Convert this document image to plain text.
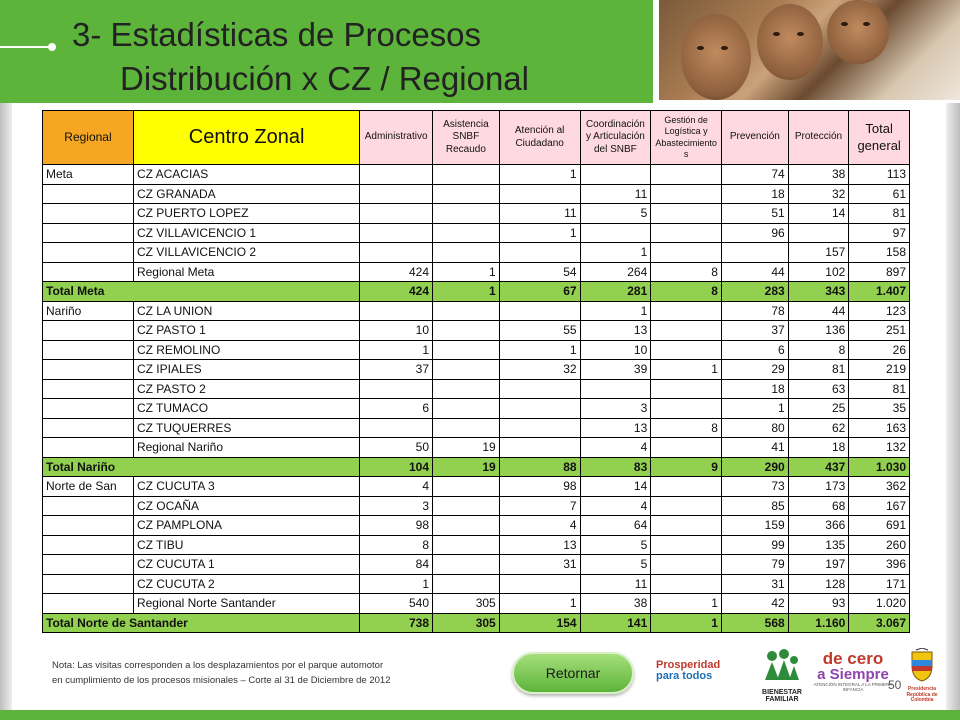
3- Estadísticas de Procesos
Distribución x CZ / Regional
Regional	Centro Zonal	Administrativo	Asistencia SNBF Recaudo	Atención al Ciudadano	Coordinación y Articulación del SNBF	Gestión de Logística y Abastecimiento s	Prevención	Protección	Total general
Meta	CZ ACACIAS			1			74	38	113
	CZ GRANADA				11		18	32	61
	CZ PUERTO LOPEZ			11	5		51	14	81
	CZ VILLAVICENCIO 1			1			96		97
	CZ VILLAVICENCIO 2				1			157	158
	Regional Meta	424	1	54	264	8	44	102	897
Total Meta		424	1	67	281	8	283	343	1.407
Nariño	CZ LA UNION				1		78	44	123
	CZ PASTO 1	10		55	13		37	136	251
	CZ REMOLINO	1		1	10		6	8	26
	CZ IPIALES	37		32	39	1	29	81	219
	CZ PASTO 2						18	63	81
	CZ TUMACO	6			3		1	25	35
	CZ TUQUERRES				13	8	80	62	163
	Regional Nariño	50	19		4		41	18	132
Total Nariño		104	19	88	83	9	290	437	1.030
Norte de San	CZ CUCUTA 3	4		98	14		73	173	362
	CZ OCAÑA	3		7	4		85	68	167
	CZ PAMPLONA	98		4	64		159	366	691
	CZ TIBU	8		13	5		99	135	260
	CZ CUCUTA 1	84		31	5		79	197	396
	CZ CUCUTA 2	1			11		31	128	171
	Regional Norte Santander	540	305	1	38	1	42	93	1.020
Total Norte de Santander		738	305	154	141	1	568	1.160	3.067
Nota: Las visitas corresponden a los desplazamientos por el parque automotor
en cumplimiento de los procesos misionales – Corte al 31 de Diciembre de 2012	Retornar	Prosperidad
para todos
BIENESTAR FAMILIAR
de cero
a Siempre
ATENCIÓN INTEGRAL A LA PRIMERA INFANCIA	Presidencia República de Colombia
50
